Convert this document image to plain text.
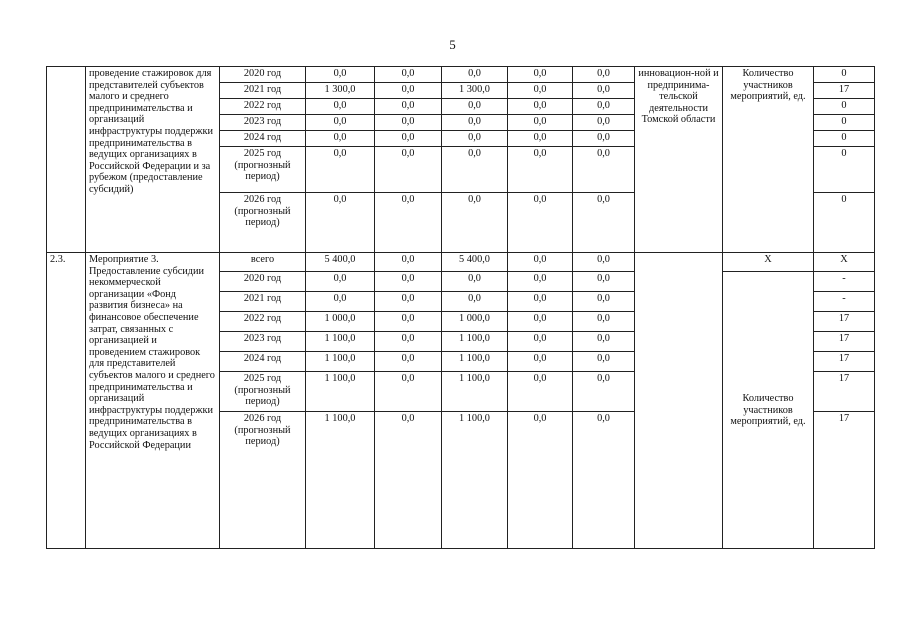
5
	проведение стажировок для представителей субъектов малого и среднего предпринимательства и организаций инфраструктуры поддержки предпринимательства в ведущих организациях в Российской Федерации и за рубежом (предоставление субсидий)	2020 год	0,0	0,0	0,0	0,0	0,0	инновацион-ной и предпринима-тельской деятельности Томской области	Количество участников мероприятий, ед.	0
		2021 год	1 300,0	0,0	1 300,0	0,0	0,0			17
		2022 год	0,0	0,0	0,0	0,0	0,0			0
		2023 год	0,0	0,0	0,0	0,0	0,0			0
		2024 год	0,0	0,0	0,0	0,0	0,0			0
		2025 год (прогнозный период)	0,0	0,0	0,0	0,0	0,0			0
		2026 год (прогнозный период)	0,0	0,0	0,0	0,0	0,0			0
2.3.	Мероприятие 3. Предоставление субсидии некоммерческой организации «Фонд развития бизнеса» на финансовое обеспечение затрат, связанных с организацией и проведением стажировок для представителей субъектов малого и среднего предпринимательства и организаций инфраструктуры поддержки предпринимательства в ведущих организациях в Российской Федерации	всего	5 400,0	0,0	5 400,0	0,0	0,0		X	X
		2020 год	0,0	0,0	0,0	0,0	0,0		Количество участников мероприятий, ед.	-
		2021 год	0,0	0,0	0,0	0,0	0,0			-
		2022 год	1 000,0	0,0	1 000,0	0,0	0,0			17
		2023 год	1 100,0	0,0	1 100,0	0,0	0,0			17
		2024 год	1 100,0	0,0	1 100,0	0,0	0,0			17
		2025 год (прогнозный период)	1 100,0	0,0	1 100,0	0,0	0,0			17
		2026 год (прогнозный период)	1 100,0	0,0	1 100,0	0,0	0,0			17
